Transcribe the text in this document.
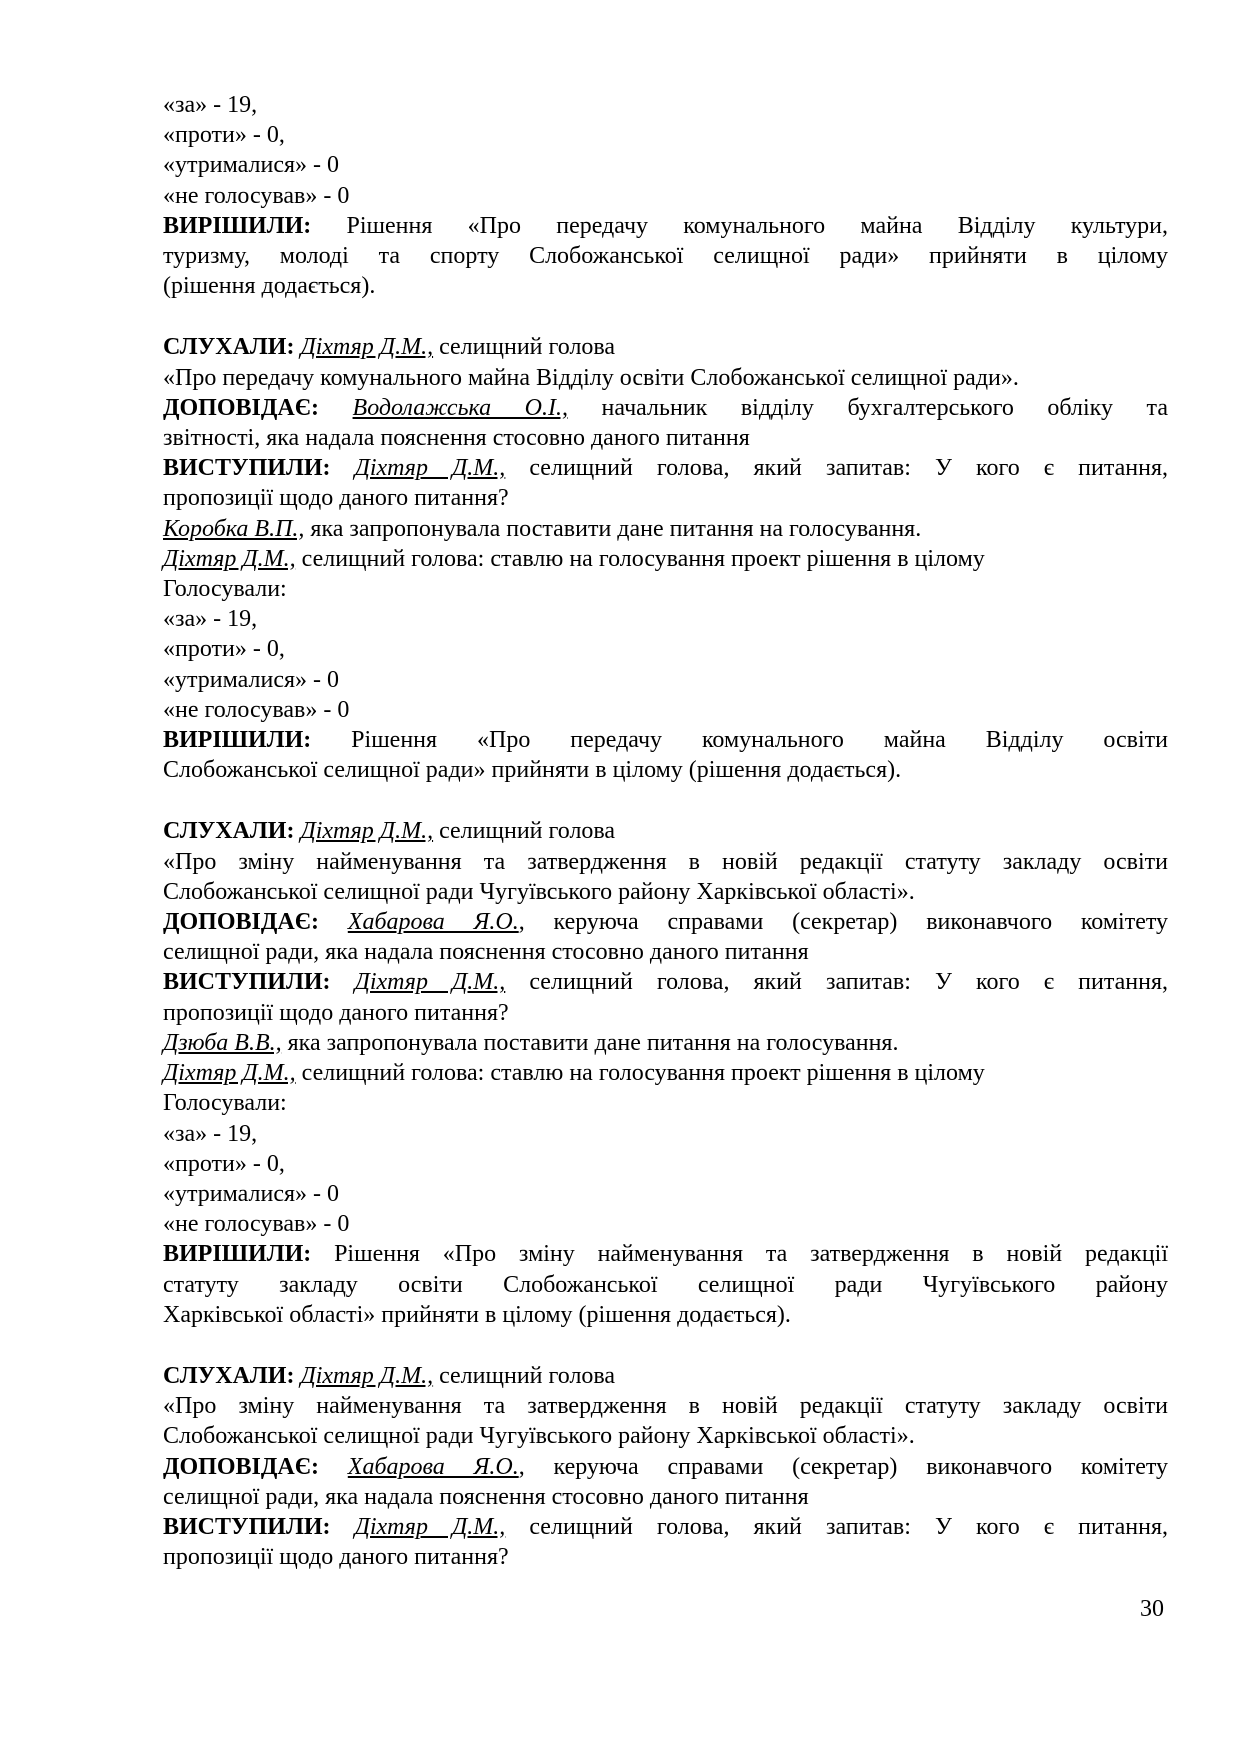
«за» - 19,
«проти» - 0,
«утрималися» - 0
«не голосував» - 0
ВИРІШИЛИ: Рішення «Про передачу комунального майна Відділу культури,
туризму, молоді та спорту Слобожанської селищної ради» прийняти в цілому
(рішення додається).
СЛУХАЛИ: Діхтяр Д.М., селищний голова
«Про передачу комунального майна Відділу освіти Слобожанської селищної ради».
ДОПОВІДАЄ: Водолажська О.І., начальник відділу бухгалтерського обліку та
звітності, яка надала пояснення стосовно даного питання
ВИСТУПИЛИ: Діхтяр Д.М., селищний голова, який запитав: У кого є питання,
пропозиції щодо даного питання?
Коробка В.П., яка запропонувала поставити дане питання на голосування.
Діхтяр Д.М., селищний голова: ставлю на голосування проект рішення в цілому
Голосували:
«за» - 19,
«проти» - 0,
«утрималися» - 0
«не голосував» - 0
ВИРІШИЛИ: Рішення «Про передачу комунального майна Відділу освіти
Слобожанської селищної ради» прийняти в цілому (рішення додається).
СЛУХАЛИ: Діхтяр Д.М., селищний голова
«Про зміну найменування та затвердження в новій редакції статуту закладу освіти
Слобожанської селищної ради Чугуївського району Харківської області».
ДОПОВІДАЄ: Хабарова Я.О., керуюча справами (секретар) виконавчого комітету
селищної ради, яка надала пояснення стосовно даного питання
ВИСТУПИЛИ: Діхтяр Д.М., селищний голова, який запитав: У кого є питання,
пропозиції щодо даного питання?
Дзюба В.В., яка запропонувала поставити дане питання на голосування.
Діхтяр Д.М., селищний голова: ставлю на голосування проект рішення в цілому
Голосували:
«за» - 19,
«проти» - 0,
«утрималися» - 0
«не голосував» - 0
ВИРІШИЛИ: Рішення «Про зміну найменування та затвердження в новій редакції
статуту закладу освіти Слобожанської селищної ради Чугуївського району
Харківської області» прийняти в цілому (рішення додається).
СЛУХАЛИ: Діхтяр Д.М., селищний голова
«Про зміну найменування та затвердження в новій редакції статуту закладу освіти
Слобожанської селищної ради Чугуївського району Харківської області».
ДОПОВІДАЄ: Хабарова Я.О., керуюча справами (секретар) виконавчого комітету
селищної ради, яка надала пояснення стосовно даного питання
ВИСТУПИЛИ: Діхтяр Д.М., селищний голова, який запитав: У кого є питання,
пропозиції щодо даного питання?
30
